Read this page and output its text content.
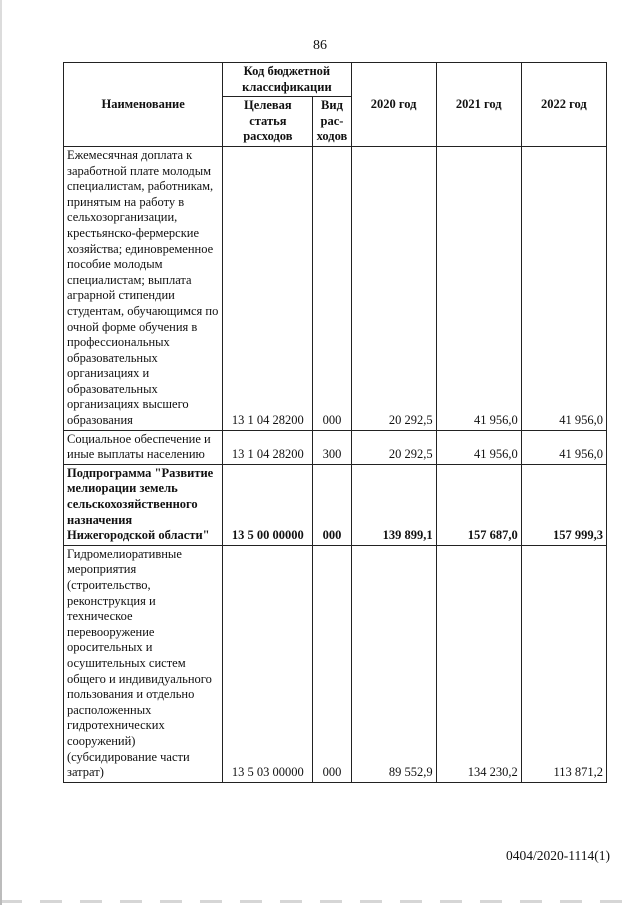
86
Наименование	Код бюджетной классификации		2020 год	2021 год	2022 год
	Целевая статья расходов	Вид рас-ходов			
Ежемесячная доплата к заработной плате молодым специалистам, работникам, принятым на работу в сельхозорганизации, крестьянско-фермерские хозяйства; единовременное пособие молодым специалистам; выплата аграрной стипендии студентам, обучающимся по очной форме обучения в профессиональных образовательных организациях и образовательных организациях высшего образования	13 1 04 28200	000	20 292,5	41 956,0	41 956,0
Социальное обеспечение и иные выплаты населению	13 1 04 28200	300	20 292,5	41 956,0	41 956,0
Подпрограмма "Развитие мелиорации земель сельскохозяйственного назначения Нижегородской области"	13 5 00 00000	000	139 899,1	157 687,0	157 999,3
Гидромелиоративные мероприятия (строительство, реконструкция и техническое перевооружение оросительных и осушительных систем общего и индивидуального пользования и отдельно расположенных гидротехнических сооружений) (субсидирование части затрат)	13 5 03 00000	000	89 552,9	134 230,2	113 871,2
0404/2020-1114(1)
